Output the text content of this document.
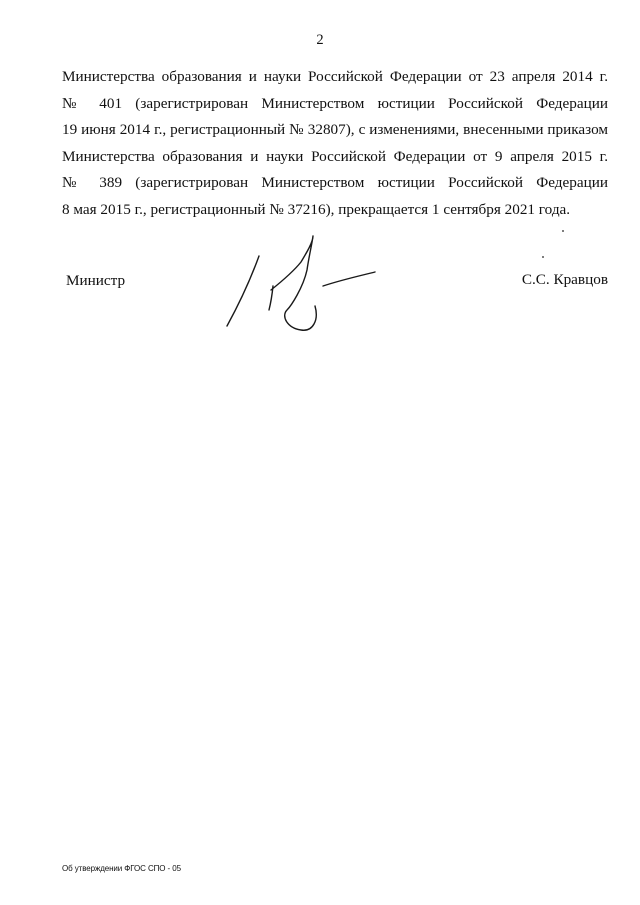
2
Министерства образования и науки Российской Федерации от 23 апреля 2014 г.
№ 401 (зарегистрирован Министерством юстиции Российской Федерации
19 июня 2014 г., регистрационный № 32807), с изменениями, внесенными приказом
Министерства образования и науки Российской Федерации от 9 апреля 2015 г.
№ 389 (зарегистрирован Министерством юстиции Российской Федерации
8 мая 2015 г., регистрационный № 37216), прекращается 1 сентября 2021 года.
Министр	С.С. Кравцов
Об утверждении ФГОС СПО - 05
